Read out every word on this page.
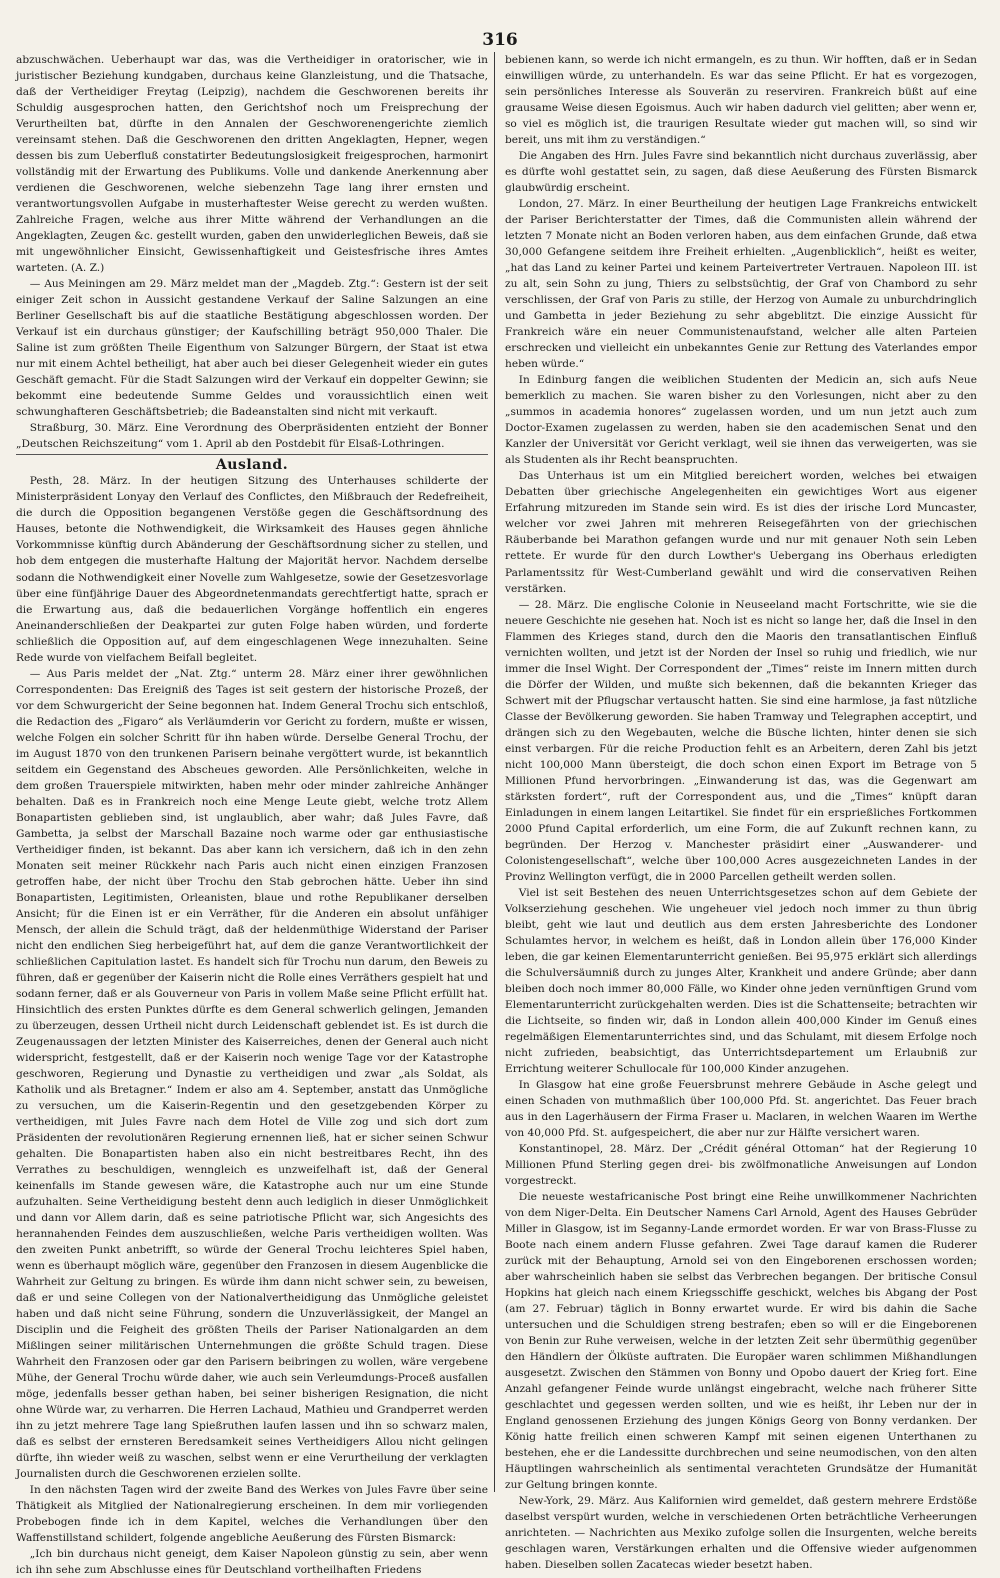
316

abzuschwächen. Ueberhaupt war das, was die Vertheidiger in oratorischer, wie in juristischer Beziehung kundgaben, durchaus keine Glanzleistung, und die Thatsache, daß der Vertheidiger Freytag (Leipzig), nachdem die Geschworenen bereits ihr Schuldig ausgesprochen hatten, den Gerichtshof noch um Freisprechung der Verurtheilten bat, dürfte in den Annalen der Geschworenengerichte ziemlich vereinsamt stehen. Daß die Geschworenen den dritten Angeklagten, Hepner, wegen dessen bis zum Ueberfluß constatirter Bedeutungslosigkeit freigesprochen, harmonirt vollständig mit der Erwartung des Publikums. Volle und dankende Anerkennung aber verdienen die Geschworenen, welche siebenzehn Tage lang ihrer ernsten und verantwortungsvollen Aufgabe in musterhaftester Weise gerecht zu werden wußten. Zahlreiche Fragen, welche aus ihrer Mitte während der Verhandlungen an die Angeklagten, Zeugen &c. gestellt wurden, gaben den unwiderleglichen Beweis, daß sie mit ungewöhnlicher Einsicht, Gewissenhaftigkeit und Geistesfrische ihres Amtes warteten. (A. Z.)

— Aus Meiningen am 29. März meldet man der „Magdeb. Ztg.“: Gestern ist der seit einiger Zeit schon in Aussicht gestandene Verkauf der Saline Salzungen an eine Berliner Gesellschaft bis auf die staatliche Bestätigung abgeschlossen worden. Der Verkauf ist ein durchaus günstiger; der Kaufschilling beträgt 950,000 Thaler. Die Saline ist zum größten Theile Eigenthum von Salzunger Bürgern, der Staat ist etwa nur mit einem Achtel betheiligt, hat aber auch bei dieser Gelegenheit wieder ein gutes Geschäft gemacht. Für die Stadt Salzungen wird der Verkauf ein doppelter Gewinn; sie bekommt eine bedeutende Summe Geldes und voraussichtlich einen weit schwunghafteren Geschäftsbetrieb; die Badeanstalten sind nicht mit verkauft.

Straßburg, 30. März. Eine Verordnung des Oberpräsidenten entzieht der Bonner „Deutschen Reichszeitung“ vom 1. April ab den Postdebit für Elsaß-Lothringen.

Ausland.

Pesth, 28. März. In der heutigen Sitzung des Unterhauses schilderte der Ministerpräsident Lonyay den Verlauf des Conflictes, den Mißbrauch der Redefreiheit, die durch die Opposition begangenen Verstöße gegen die Geschäftsordnung des Hauses, betonte die Nothwendigkeit, die Wirksamkeit des Hauses gegen ähnliche Vorkommnisse künftig durch Abänderung der Geschäftsordnung sicher zu stellen, und hob dem entgegen die musterhafte Haltung der Majorität hervor. Nachdem derselbe sodann die Nothwendigkeit einer Novelle zum Wahlgesetze, sowie der Gesetzesvorlage über eine fünfjährige Dauer des Abgeordnetenmandats gerechtfertigt hatte, sprach er die Erwartung aus, daß die bedauerlichen Vorgänge hoffentlich ein engeres Aneinanderschließen der Deakpartei zur guten Folge haben würden, und forderte schließlich die Opposition auf, auf dem eingeschlagenen Wege innezuhalten. Seine Rede wurde von vielfachem Beifall begleitet.

— Aus Paris meldet der „Nat. Ztg.“ unterm 28. März einer ihrer gewöhnlichen Correspondenten: Das Ereigniß des Tages ist seit gestern der historische Prozeß, der vor dem Schwurgericht der Seine begonnen hat. Indem General Trochu sich entschloß, die Redaction des „Figaro“ als Verläumderin vor Gericht zu fordern, mußte er wissen, welche Folgen ein solcher Schritt für ihn haben würde. Derselbe General Trochu, der im August 1870 von den trunkenen Parisern beinahe vergöttert wurde, ist bekanntlich seitdem ein Gegenstand des Abscheues geworden. Alle Persönlichkeiten, welche in dem großen Trauerspiele mitwirkten, haben mehr oder minder zahlreiche Anhänger behalten. Daß es in Frankreich noch eine Menge Leute giebt, welche trotz Allem Bonapartisten geblieben sind, ist unglaublich, aber wahr; daß Jules Favre, daß Gambetta, ja selbst der Marschall Bazaine noch warme oder gar enthusiastische Vertheidiger finden, ist bekannt. Das aber kann ich versichern, daß ich in den zehn Monaten seit meiner Rückkehr nach Paris auch nicht einen einzigen Franzosen getroffen habe, der nicht über Trochu den Stab gebrochen hätte. Ueber ihn sind Bonapartisten, Legitimisten, Orleanisten, blaue und rothe Republikaner derselben Ansicht; für die Einen ist er ein Verräther, für die Anderen ein absolut unfähiger Mensch, der allein die Schuld trägt, daß der heldenmüthige Widerstand der Pariser nicht den endlichen Sieg herbeigeführt hat, auf dem die ganze Verantwortlichkeit der schließlichen Capitulation lastet. Es handelt sich für Trochu nun darum, den Beweis zu führen, daß er gegenüber der Kaiserin nicht die Rolle eines Verräthers gespielt hat und sodann ferner, daß er als Gouverneur von Paris in vollem Maße seine Pflicht erfüllt hat. Hinsichtlich des ersten Punktes dürfte es dem General schwerlich gelingen, Jemanden zu überzeugen, dessen Urtheil nicht durch Leidenschaft geblendet ist. Es ist durch die Zeugenaussagen der letzten Minister des Kaiserreiches, denen der General auch nicht widerspricht, festgestellt, daß er der Kaiserin noch wenige Tage vor der Katastrophe geschworen, Regierung und Dynastie zu vertheidigen und zwar „als Soldat, als Katholik und als Bretagner.“ Indem er also am 4. September, anstatt das Unmögliche zu versuchen, um die Kaiserin-Regentin und den gesetzgebenden Körper zu vertheidigen, mit Jules Favre nach dem Hotel de Ville zog und sich dort zum Präsidenten der revolutionären Regierung ernennen ließ, hat er sicher seinen Schwur gehalten. Die Bonapartisten haben also ein nicht bestreitbares Recht, ihn des Verrathes zu beschuldigen, wenngleich es unzweifelhaft ist, daß der General keinenfalls im Stande gewesen wäre, die Katastrophe auch nur um eine Stunde aufzuhalten. Seine Vertheidigung besteht denn auch lediglich in dieser Unmöglichkeit und dann vor Allem darin, daß es seine patriotische Pflicht war, sich Angesichts des herannahenden Feindes dem auszuschließen, welche Paris vertheidigen wollten. Was den zweiten Punkt anbetrifft, so würde der General Trochu leichteres Spiel haben, wenn es überhaupt möglich wäre, gegenüber den Franzosen in diesem Augenblicke die Wahrheit zur Geltung zu bringen. Es würde ihm dann nicht schwer sein, zu beweisen, daß er und seine Collegen von der Nationalvertheidigung das Unmögliche geleistet haben und daß nicht seine Führung, sondern die Unzuverlässigkeit, der Mangel an Disciplin und die Feigheit des größten Theils der Pariser Nationalgarden an dem Mißlingen seiner militärischen Unternehmungen die größte Schuld tragen. Diese Wahrheit den Franzosen oder gar den Parisern beibringen zu wollen, wäre vergebene Mühe, der General Trochu würde daher, wie auch sein Verleumdungs-Proceß ausfallen möge, jedenfalls besser gethan haben, bei seiner bisherigen Resignation, die nicht ohne Würde war, zu verharren. Die Herren Lachaud, Mathieu und Grandperret werden ihn zu jetzt mehrere Tage lang Spießruthen laufen lassen und ihn so schwarz malen, daß es selbst der ernsteren Beredsamkeit seines Vertheidigers Allou nicht gelingen dürfte, ihn wieder weiß zu waschen, selbst wenn er eine Verurtheilung der verklagten Journalisten durch die Geschworenen erzielen sollte.

In den nächsten Tagen wird der zweite Band des Werkes von Jules Favre über seine Thätigkeit als Mitglied der Nationalregierung erscheinen. In dem mir vorliegenden Probebogen finde ich in dem Kapitel, welches die Verhandlungen über den Waffenstillstand schildert, folgende angebliche Aeußerung des Fürsten Bismarck:

„Ich bin durchaus nicht geneigt, dem Kaiser Napoleon günstig zu sein, aber wenn ich ihn sehe zum Abschlusse eines für Deutschland vortheilhaften Friedens

bebienen kann, so werde ich nicht ermangeln, es zu thun. Wir hofften, daß er in Sedan einwilligen würde, zu unterhandeln. Es war das seine Pflicht. Er hat es vorgezogen, sein persönliches Interesse als Souverän zu reserviren. Frankreich büßt auf eine grausame Weise diesen Egoismus. Auch wir haben dadurch viel gelitten; aber wenn er, so viel es möglich ist, die traurigen Resultate wieder gut machen will, so sind wir bereit, uns mit ihm zu verständigen.“

Die Angaben des Hrn. Jules Favre sind bekanntlich nicht durchaus zuverlässig, aber es dürfte wohl gestattet sein, zu sagen, daß diese Aeußerung des Fürsten Bismarck glaubwürdig erscheint.

London, 27. März. In einer Beurtheilung der heutigen Lage Frankreichs entwickelt der Pariser Berichterstatter der Times, daß die Communisten allein während der letzten 7 Monate nicht an Boden verloren haben, aus dem einfachen Grunde, daß etwa 30,000 Gefangene seitdem ihre Freiheit erhielten. „Augenblicklich“, heißt es weiter, „hat das Land zu keiner Partei und keinem Parteivertreter Vertrauen. Napoleon III. ist zu alt, sein Sohn zu jung, Thiers zu selbstsüchtig, der Graf von Chambord zu sehr verschlissen, der Graf von Paris zu stille, der Herzog von Aumale zu unburchdringlich und Gambetta in jeder Beziehung zu sehr abgeblitzt. Die einzige Aussicht für Frankreich wäre ein neuer Communistenaufstand, welcher alle alten Parteien erschrecken und vielleicht ein unbekanntes Genie zur Rettung des Vaterlandes empor heben würde.“

In Edinburg fangen die weiblichen Studenten der Medicin an, sich aufs Neue bemerklich zu machen. Sie waren bisher zu den Vorlesungen, nicht aber zu den „summos in academia honores“ zugelassen worden, und um nun jetzt auch zum Doctor-Examen zugelassen zu werden, haben sie den academischen Senat und den Kanzler der Universität vor Gericht verklagt, weil sie ihnen das verweigerten, was sie als Studenten als ihr Recht beanspruchten.

Das Unterhaus ist um ein Mitglied bereichert worden, welches bei etwaigen Debatten über griechische Angelegenheiten ein gewichtiges Wort aus eigener Erfahrung mitzureden im Stande sein wird. Es ist dies der irische Lord Muncaster, welcher vor zwei Jahren mit mehreren Reisegefährten von der griechischen Räuberbande bei Marathon gefangen wurde und nur mit genauer Noth sein Leben rettete. Er wurde für den durch Lowther's Uebergang ins Oberhaus erledigten Parlamentssitz für West-Cumberland gewählt und wird die conservativen Reihen verstärken.

— 28. März. Die englische Colonie in Neuseeland macht Fortschritte, wie sie die neuere Geschichte nie gesehen hat. Noch ist es nicht so lange her, daß die Insel in den Flammen des Krieges stand, durch den die Maoris den transatlantischen Einfluß vernichten wollten, und jetzt ist der Norden der Insel so ruhig und friedlich, wie nur immer die Insel Wight. Der Correspondent der „Times“ reiste im Innern mitten durch die Dörfer der Wilden, und mußte sich bekennen, daß die bekannten Krieger das Schwert mit der Pflugschar vertauscht hatten. Sie sind eine harmlose, ja fast nützliche Classe der Bevölkerung geworden. Sie haben Tramway und Telegraphen acceptirt, und drängen sich zu den Wegebauten, welche die Büsche lichten, hinter denen sie sich einst verbargen. Für die reiche Production fehlt es an Arbeitern, deren Zahl bis jetzt nicht 100,000 Mann übersteigt, die doch schon einen Export im Betrage von 5 Millionen Pfund hervorbringen. „Einwanderung ist das, was die Gegenwart am stärksten fordert“, ruft der Correspondent aus, und die „Times“ knüpft daran Einladungen in einem langen Leitartikel. Sie findet für ein ersprießliches Fortkommen 2000 Pfund Capital erforderlich, um eine Form, die auf Zukunft rechnen kann, zu begründen. Der Herzog v. Manchester präsidirt einer „Auswanderer- und Colonistengesellschaft“, welche über 100,000 Acres ausgezeichneten Landes in der Provinz Wellington verfügt, die in 2000 Parcellen getheilt werden sollen.

Viel ist seit Bestehen des neuen Unterrichtsgesetzes schon auf dem Gebiete der Volkserziehung geschehen. Wie ungeheuer viel jedoch noch immer zu thun übrig bleibt, geht wie laut und deutlich aus dem ersten Jahresberichte des Londoner Schulamtes hervor, in welchem es heißt, daß in London allein über 176,000 Kinder leben, die gar keinen Elementarunterricht genießen. Bei 95,975 erklärt sich allerdings die Schulversäumniß durch zu junges Alter, Krankheit und andere Gründe; aber dann bleiben doch noch immer 80,000 Fälle, wo Kinder ohne jeden vernünftigen Grund vom Elementarunterricht zurückgehalten werden. Dies ist die Schattenseite; betrachten wir die Lichtseite, so finden wir, daß in London allein 400,000 Kinder im Genuß eines regelmäßigen Elementarunterrichtes sind, und das Schulamt, mit diesem Erfolge noch nicht zufrieden, beabsichtigt, das Unterrichtsdepartement um Erlaubniß zur Errichtung weiterer Schullocale für 100,000 Kinder anzugehen.

In Glasgow hat eine große Feuersbrunst mehrere Gebäude in Asche gelegt und einen Schaden von muthmaßlich über 100,000 Pfd. St. angerichtet. Das Feuer brach aus in den Lagerhäusern der Firma Fraser u. Maclaren, in welchen Waaren im Werthe von 40,000 Pfd. St. aufgespeichert, die aber nur zur Hälfte versichert waren.

Konstantinopel, 28. März. Der „Crédit général Ottoman“ hat der Regierung 10 Millionen Pfund Sterling gegen drei- bis zwölfmonatliche Anweisungen auf London vorgestreckt.

Die neueste westafricanische Post bringt eine Reihe unwillkommener Nachrichten von dem Niger-Delta. Ein Deutscher Namens Carl Arnold, Agent des Hauses Gebrüder Miller in Glasgow, ist im Seganny-Lande ermordet worden. Er war von Brass-Flusse zu Boote nach einem andern Flusse gefahren. Zwei Tage darauf kamen die Ruderer zurück mit der Behauptung, Arnold sei von den Eingeborenen erschossen worden; aber wahrscheinlich haben sie selbst das Verbrechen begangen. Der britische Consul Hopkins hat gleich nach einem Kriegsschiffe geschickt, welches bis Abgang der Post (am 27. Februar) täglich in Bonny erwartet wurde. Er wird bis dahin die Sache untersuchen und die Schuldigen streng bestrafen; eben so will er die Eingeborenen von Benin zur Ruhe verweisen, welche in der letzten Zeit sehr übermüthig gegenüber den Händlern der Ölküste auftraten. Die Europäer waren schlimmen Mißhandlungen ausgesetzt. Zwischen den Stämmen von Bonny und Opobo dauert der Krieg fort. Eine Anzahl gefangener Feinde wurde unlängst eingebracht, welche nach früherer Sitte geschlachtet und gegessen werden sollten, und wie es heißt, ihr Leben nur der in England genossenen Erziehung des jungen Königs Georg von Bonny verdanken. Der König hatte freilich einen schweren Kampf mit seinen eigenen Unterthanen zu bestehen, ehe er die Landessitte durchbrechen und seine neumodischen, von den alten Häuptlingen wahrscheinlich als sentimental verachteten Grundsätze der Humanität zur Geltung bringen konnte.

New-York, 29. März. Aus Kalifornien wird gemeldet, daß gestern mehrere Erdstöße daselbst verspürt wurden, welche in verschiedenen Orten beträchtliche Verheerungen anrichteten. — Nachrichten aus Mexiko zufolge sollen die Insurgenten, welche bereits geschlagen waren, Verstärkungen erhalten und die Offensive wieder aufgenommen haben. Dieselben sollen Zacatecas wieder besetzt haben.
